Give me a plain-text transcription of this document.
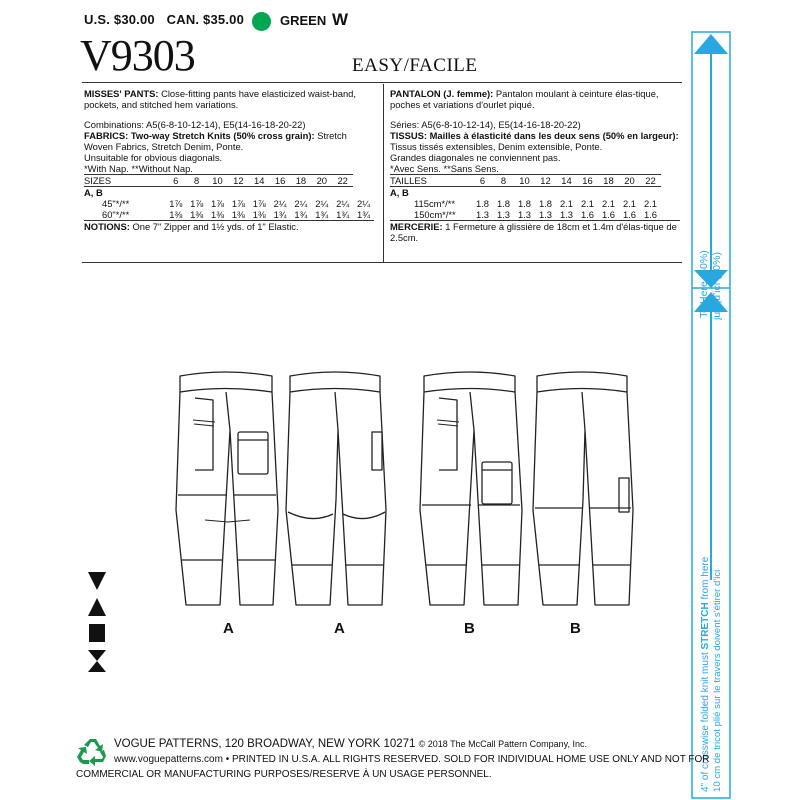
U.S. $30.00 CAN. $35.00	GREEN W
V9303	EASY/FACILE

MISSES' PANTS: Close-fitting pants have elasticized waist-band, pockets, and stitched hem variations.

Combinations: A5(6-8-10-12-14), E5(14-16-18-20-22)

FABRICS: Two-way Stretch Knits (50% cross grain): Stretch Woven Fabrics, Stretch Denim, Ponte.

Unsuitable for obvious diagonals.

*With Nap. **Without Nap.

SIZES	6	8	10	12	14	16	18	20	22	
A, B										
45"*/**	1⅞	1⅞	1⅞	1⅞	1⅞	2¼	2¼	2¼	2¼	2¼
60"*/**	1⅜	1⅜	1⅜	1⅜	1⅜	1¾	1¾	1¾	1¾	1¾

NOTIONS: One 7" Zipper and 1½ yds. of 1" Elastic.

PANTALON (J. femme): Pantalon moulant à ceinture élas-tique, poches et variations d'ourlet piqué.

Séries: A5(6-8-10-12-14), E5(14-16-18-20-22)

TISSUS: Mailles à élasticité dans les deux sens (50% en largeur): Tissus tissés extensibles, Denim extensible, Ponte.

Grandes diagonales ne conviennent pas.

*Avec Sens. **Sans Sens.

TAILLES	6	8	10	12	14	16	18	20	22
A, B									
115cm*/**	1.8	1.8	1.8	1.8	2.1	2.1	2.1	2.1	2.1
150cm*/**	1.3	1.3	1.3	1.3	1.3	1.6	1.6	1.6	1.6

MERCERIE: 1 Fermeture à glissière de 18cm et 1.4m d'élas-tique de 2.5cm.

A	A	B	B
To Here (50%) jusqu'ici (50%)
4" of crosswise folded knit must STRETCH from here 10 cm de tricot plié sur le travers doivent s'étirer d'ici
VOGUE PATTERNS, 120 BROADWAY, NEW YORK 10271 © 2018 The McCall Pattern Company, Inc.
www.voguepatterns.com • PRINTED IN U.S.A. ALL RIGHTS RESERVED. SOLD FOR INDIVIDUAL HOME USE ONLY AND NOT FOR
COMMERCIAL OR MANUFACTURING PURPOSES/RESERVE À UN USAGE PERSONNEL.
